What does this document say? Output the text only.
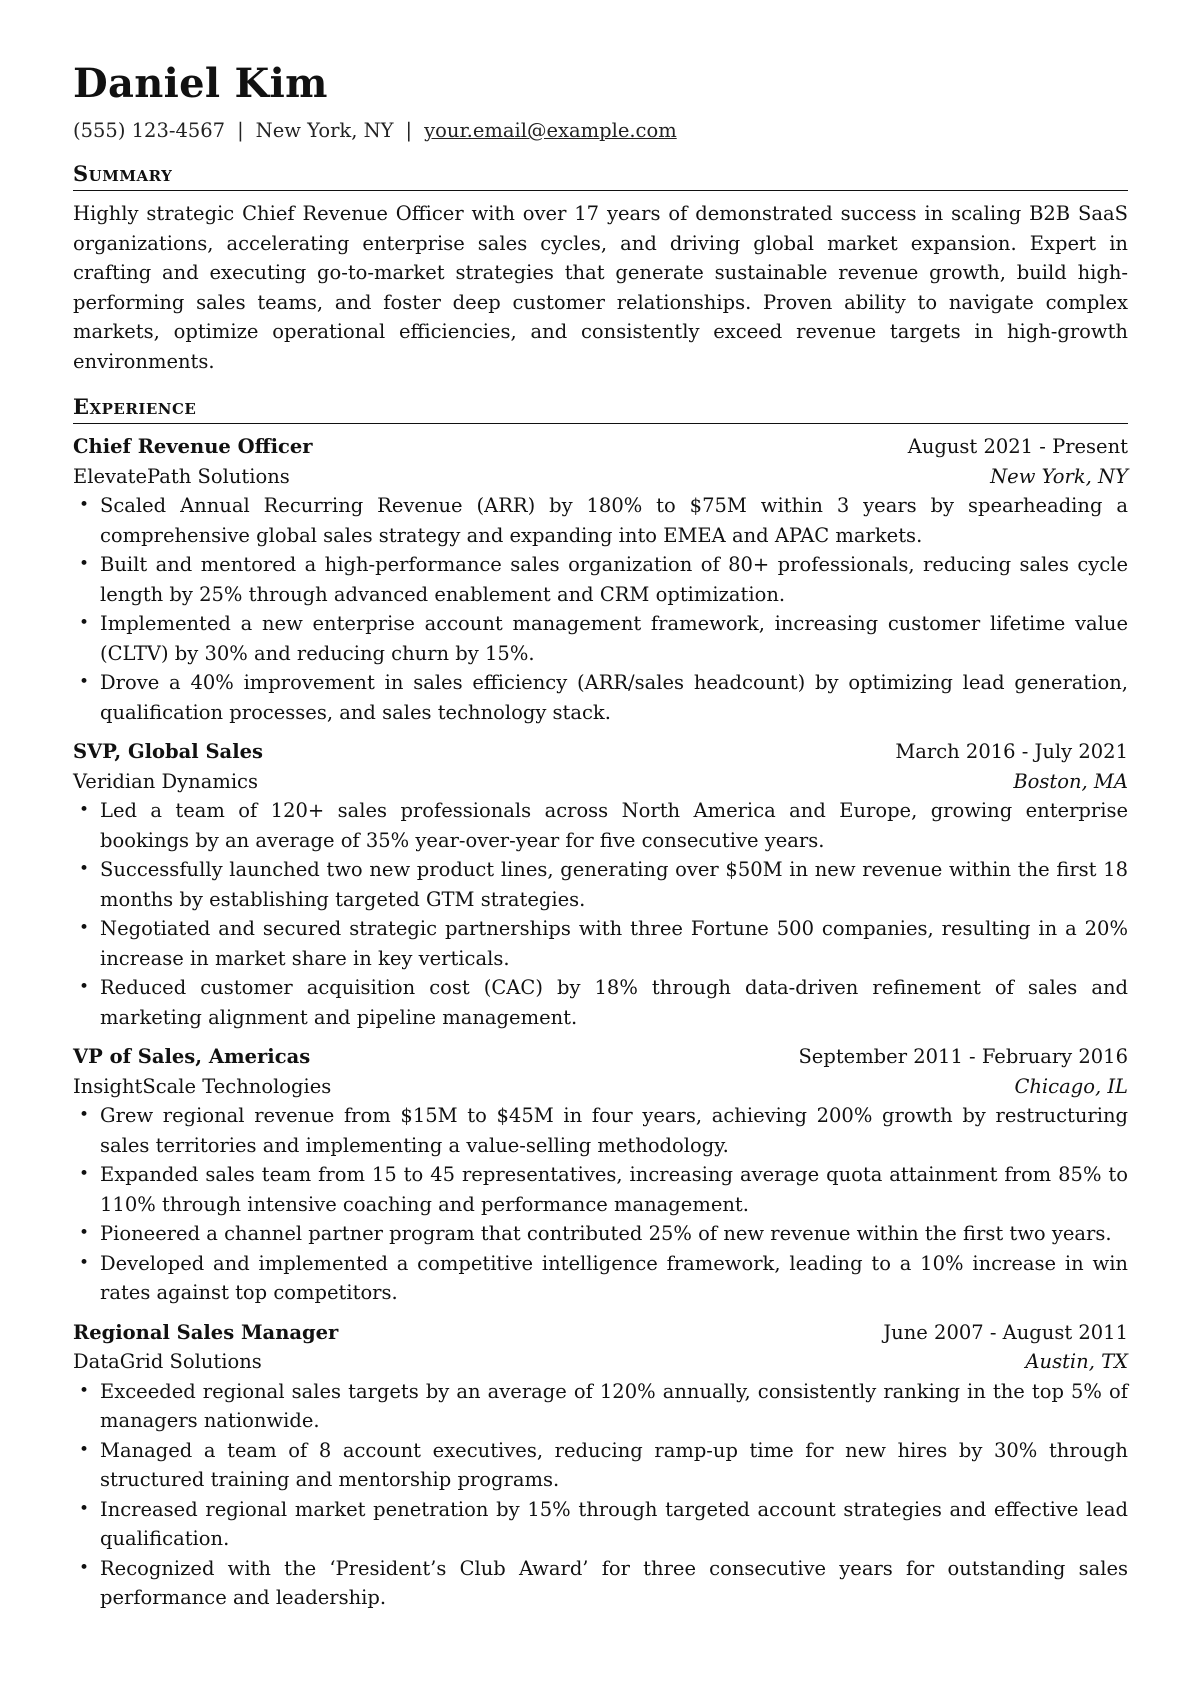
Daniel Kim
(555) 123-4567 | New York, NY | your.email@example.com
Summary
Highly strategic Chief Revenue Officer with over 17 years of demonstrated success in scaling B2B SaaS organizations, accelerating enterprise sales cycles, and driving global market expansion. Expert in crafting and executing go-to-market strategies that generate sustainable revenue growth, build high-performing sales teams, and foster deep customer relationships. Proven ability to navigate complex markets, optimize operational efficiencies, and consistently exceed revenue targets in high-growth environments.
Experience
Chief Revenue Officer	August 2021 - Present
ElevatePath Solutions	New York, NY
• Scaled Annual Recurring Revenue (ARR) by 180% to $75M within 3 years by spearheading a comprehensive global sales strategy and expanding into EMEA and APAC markets.
• Built and mentored a high-performance sales organization of 80+ professionals, reducing sales cycle length by 25% through advanced enablement and CRM optimization.
• Implemented a new enterprise account management framework, increasing customer lifetime value (CLTV) by 30% and reducing churn by 15%.
• Drove a 40% improvement in sales efficiency (ARR/sales headcount) by optimizing lead generation, qualification processes, and sales technology stack.
SVP, Global Sales	March 2016 - July 2021
Veridian Dynamics	Boston, MA
• Led a team of 120+ sales professionals across North America and Europe, growing enterprise bookings by an average of 35% year-over-year for five consecutive years.
• Successfully launched two new product lines, generating over $50M in new revenue within the first 18 months by establishing targeted GTM strategies.
• Negotiated and secured strategic partnerships with three Fortune 500 companies, resulting in a 20% increase in market share in key verticals.
• Reduced customer acquisition cost (CAC) by 18% through data-driven refinement of sales and marketing alignment and pipeline management.
VP of Sales, Americas	September 2011 - February 2016
InsightScale Technologies	Chicago, IL
• Grew regional revenue from $15M to $45M in four years, achieving 200% growth by restructuring sales territories and implementing a value-selling methodology.
• Expanded sales team from 15 to 45 representatives, increasing average quota attainment from 85% to 110% through intensive coaching and performance management.
• Pioneered a channel partner program that contributed 25% of new revenue within the first two years.
• Developed and implemented a competitive intelligence framework, leading to a 10% increase in win rates against top competitors.
Regional Sales Manager	June 2007 - August 2011
DataGrid Solutions	Austin, TX
• Exceeded regional sales targets by an average of 120% annually, consistently ranking in the top 5% of managers nationwide.
• Managed a team of 8 account executives, reducing ramp-up time for new hires by 30% through structured training and mentorship programs.
• Increased regional market penetration by 15% through targeted account strategies and effective lead qualification.
• Recognized with the ‘President’s Club Award’ for three consecutive years for outstanding sales performance and leadership.
